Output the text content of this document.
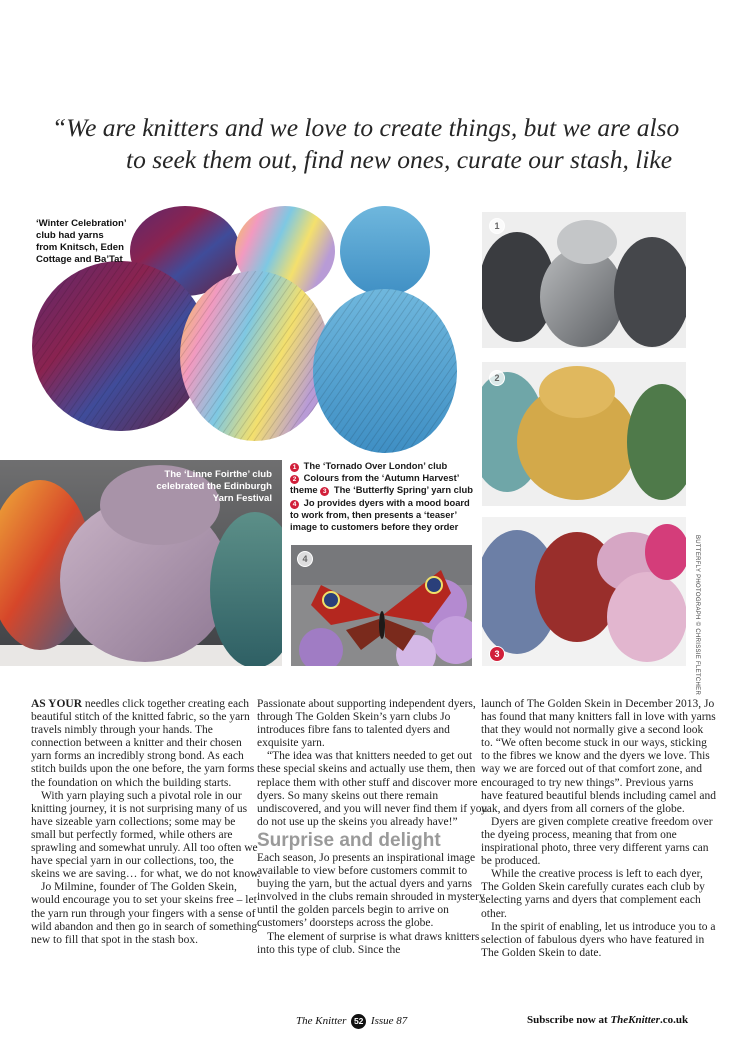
“We are knitters and we love to create things, but we are also
to seek them out, find new ones, curate our stash, like
‘Winter Celebration’ club had yarns from Knitsch, Eden Cottage and Ba’Tat
The ‘Linne Foirthe’ club celebrated the Edinburgh Yarn Festival
1 The ‘Tornado Over London’ club
2 Colours from the ‘Autumn Harvest’ theme 3 The ‘Butterfly Spring’ yarn club
4 Jo provides dyers with a mood board to work from, then presents a ‘teaser’ image to customers before they order
1
2
3
4	BUTTERFLY PHOTOGRAPH © CHRISSIE FLETCHER

AS YOUR needles click together creating each beautiful stitch of the knitted fabric, so the yarn travels nimbly through your hands. The connection between a knitter and their chosen yarn forms an incredibly strong bond. As each stitch builds upon the one before, the yarn forms the foundation on which the building starts.

With yarn playing such a pivotal role in our knitting journey, it is not surprising many of us have sizeable yarn collections; some may be small but perfectly formed, while others are sprawling and somewhat unruly. All too often we have special yarn in our collections, too, the skeins we are saving… for what, we do not know.

Jo Milmine, founder of The Golden Skein, would encourage you to set your skeins free – let the yarn run through your fingers with a sense of wild abandon and then go in search of something new to fill that spot in the stash box.

Passionate about supporting independent dyers, through The Golden Skein’s yarn clubs Jo introduces fibre fans to talented dyers and exquisite yarn.

“The idea was that knitters needed to get out these special skeins and actually use them, then replace them with other stuff and discover more dyers. So many skeins out there remain undiscovered, and you will never find them if you do not use up the skeins you already have!”

Surprise and delight

Each season, Jo presents an inspirational image available to view before customers commit to buying the yarn, but the actual dyers and yarns involved in the clubs remain shrouded in mystery until the golden parcels begin to arrive on customers’ doorsteps across the globe.

The element of surprise is what draws knitters into this type of club. Since the

launch of The Golden Skein in December 2013, Jo has found that many knitters fall in love with yarns that they would not normally give a second look to. “We often become stuck in our ways, sticking to the fibres we know and the dyers we love. This way we are forced out of that comfort zone, and encouraged to try new things”. Previous yarns have featured beautiful blends including camel and yak, and dyers from all corners of the globe.

Dyers are given complete creative freedom over the dyeing process, meaning that from one inspirational photo, three very different yarns can be produced.

While the creative process is left to each dyer, The Golden Skein carefully curates each club by selecting yarns and dyers that complement each other.

In the spirit of enabling, let us introduce you to a selection of fabulous dyers who have featured in The Golden Skein to date.

The Knitter 52 Issue 87	Subscribe now at TheKnitter.co.uk
